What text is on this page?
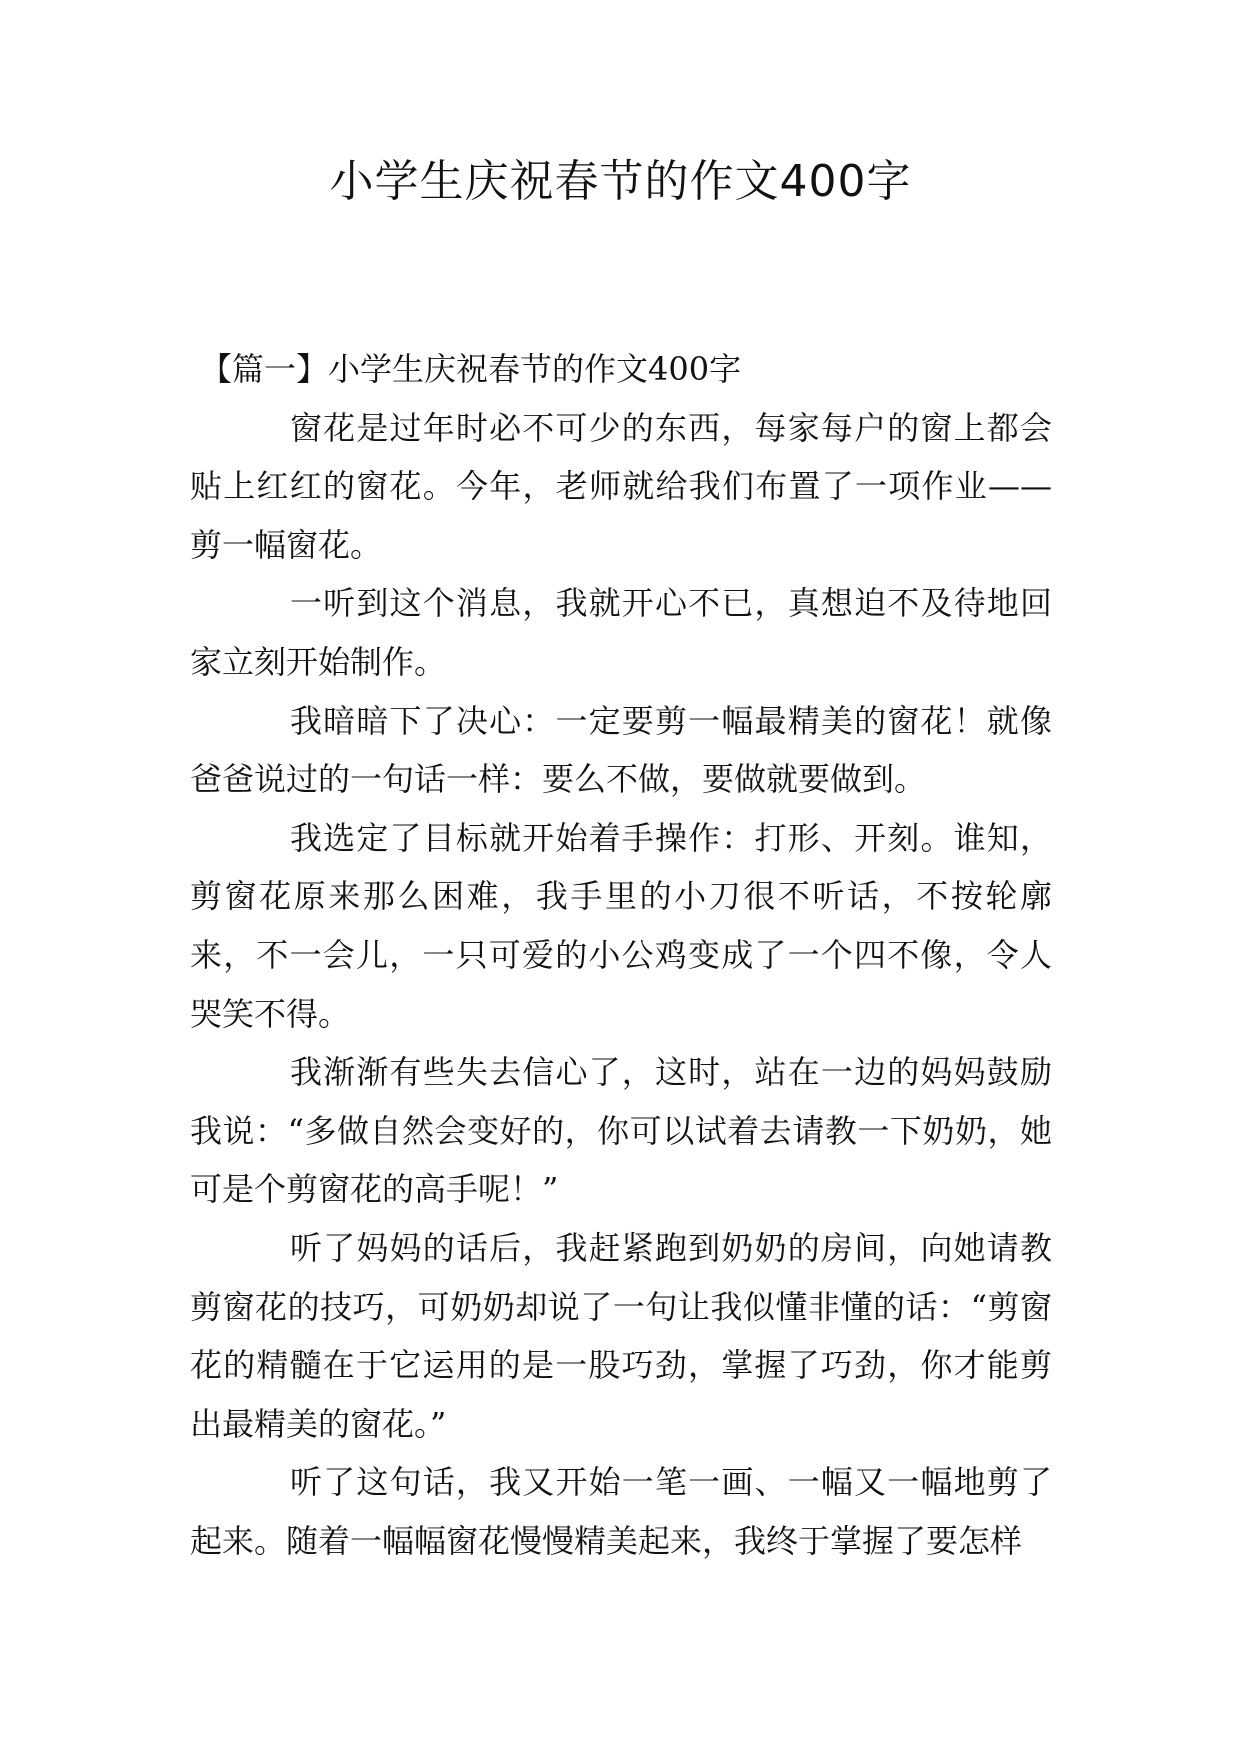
小学生庆祝春节的作文400字
【篇一】小学生庆祝春节的作文400字

窗花是过年时必不可少的东西，每家每户的窗上都会贴上红红的窗花。今年，老师就给我们布置了一项作业——剪一幅窗花。

一听到这个消息，我就开心不已，真想迫不及待地回家立刻开始制作。

我暗暗下了决心：一定要剪一幅最精美的窗花！就像爸爸说过的一句话一样：要么不做，要做就要做到。

我选定了目标就开始着手操作：打形、开刻。谁知，剪窗花原来那么困难，我手里的小刀很不听话，不按轮廓来，不一会儿，一只可爱的小公鸡变成了一个四不像，令人哭笑不得。

我渐渐有些失去信心了，这时，站在一边的妈妈鼓励我说：“多做自然会变好的，你可以试着去请教一下奶奶，她可是个剪窗花的高手呢！”

听了妈妈的话后，我赶紧跑到奶奶的房间，向她请教剪窗花的技巧，可奶奶却说了一句让我似懂非懂的话：“剪窗花的精髓在于它运用的是一股巧劲，掌握了巧劲，你才能剪出最精美的窗花。”

听了这句话，我又开始一笔一画、一幅又一幅地剪了起来。随着一幅幅窗花慢慢精美起来，我终于掌握了要怎样
